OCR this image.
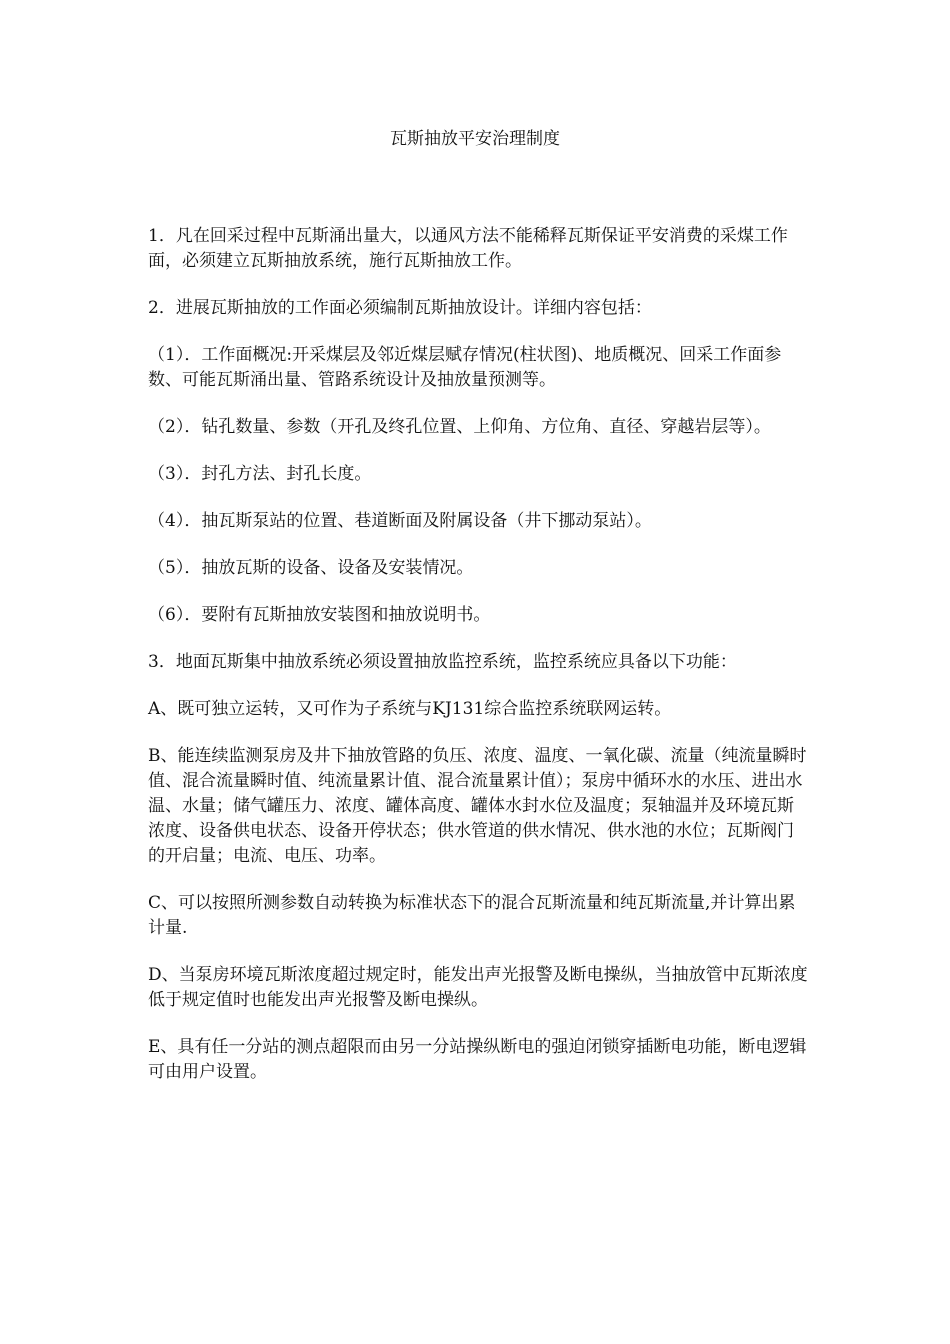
瓦斯抽放平安治理制度

1．凡在回采过程中瓦斯涌出量大，以通风方法不能稀释瓦斯保证平安消费的采煤工作面，必须建立瓦斯抽放系统，施行瓦斯抽放工作。

2．进展瓦斯抽放的工作面必须编制瓦斯抽放设计。详细内容包括：

（1）．工作面概况:开采煤层及邻近煤层赋存情况(柱状图)、地质概况、回采工作面参数、可能瓦斯涌出量、管路系统设计及抽放量预测等。

（2）．钻孔数量、参数（开孔及终孔位置、上仰角、方位角、直径、穿越岩层等）。

（3）．封孔方法、封孔长度。

（4）．抽瓦斯泵站的位置、巷道断面及附属设备（井下挪动泵站）。

（5）．抽放瓦斯的设备、设备及安装情况。

（6）．要附有瓦斯抽放安装图和抽放说明书。

3．地面瓦斯集中抽放系统必须设置抽放监控系统，监控系统应具备以下功能：

A、既可独立运转，又可作为子系统与KJ131综合监控系统联网运转。

B、能连续监测泵房及井下抽放管路的负压、浓度、温度、一氧化碳、流量（纯流量瞬时值、混合流量瞬时值、纯流量累计值、混合流量累计值）；泵房中循环水的水压、进出水温、水量；储气罐压力、浓度、罐体高度、罐体水封水位及温度；泵轴温并及环境瓦斯浓度、设备供电状态、设备开停状态；供水管道的供水情况、供水池的水位；瓦斯阀门的开启量；电流、电压、功率。

C、可以按照所测参数自动转换为标准状态下的混合瓦斯流量和纯瓦斯流量,并计算出累计量.

D、当泵房环境瓦斯浓度超过规定时，能发出声光报警及断电操纵，当抽放管中瓦斯浓度低于规定值时也能发出声光报警及断电操纵。

E、具有任一分站的测点超限而由另一分站操纵断电的强迫闭锁穿插断电功能，断电逻辑可由用户设置。
